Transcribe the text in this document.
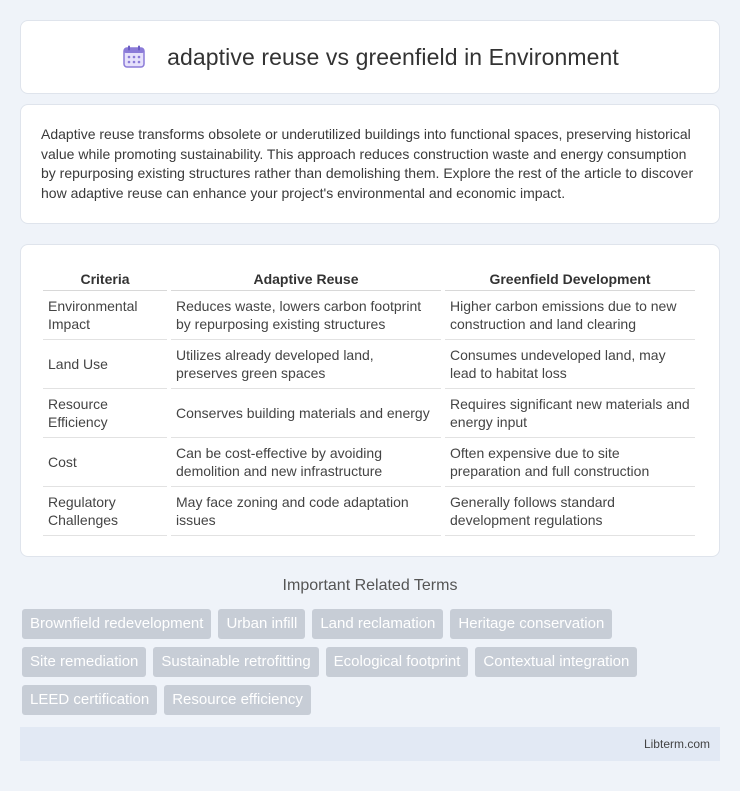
adaptive reuse vs greenfield in Environment

Adaptive reuse transforms obsolete or underutilized buildings into functional spaces, preserving historical value while promoting sustainability. This approach reduces construction waste and energy consumption by repurposing existing structures rather than demolishing them. Explore the rest of the article to discover how adaptive reuse can enhance your project's environmental and economic impact.

Criteria	Adaptive Reuse	Greenfield Development
Environmental Impact	Reduces waste, lowers carbon footprint by repurposing existing structures	Higher carbon emissions due to new construction and land clearing
Land Use	Utilizes already developed land, preserves green spaces	Consumes undeveloped land, may lead to habitat loss
Resource Efficiency	Conserves building materials and energy	Requires significant new materials and energy input
Cost	Can be cost-effective by avoiding demolition and new infrastructure	Often expensive due to site preparation and full construction
Regulatory Challenges	May face zoning and code adaptation issues	Generally follows standard development regulations
Important Related Terms
Brownfield redevelopment	Urban infill	Land reclamation	Heritage conservation
Site remediation	Sustainable retrofitting	Ecological footprint	Contextual integration
LEED certification	Resource efficiency
Libterm.com
